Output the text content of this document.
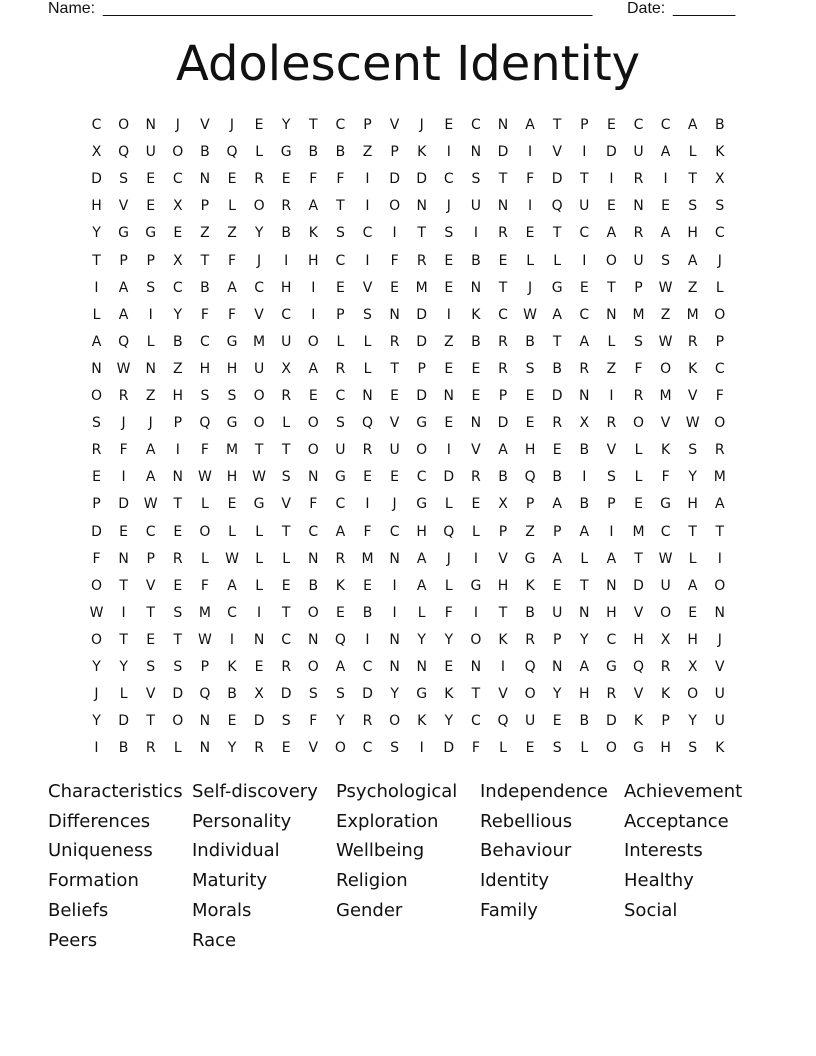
Name: _______________________________________________________ Date: _______
Adolescent Identity
C	O	N	J	V	J	E	Y	T	C	P	V	J	E	C	N	A	T	P	E	C	C	A	B
X	Q	U	O	B	Q	L	G	B	B	Z	P	K	I	N	D	I	V	I	D	U	A	L	K
D	S	E	C	N	E	R	E	F	F	I	D	D	C	S	T	F	D	T	I	R	I	T	X
H	V	E	X	P	L	O	R	A	T	I	O	N	J	U	N	I	Q	U	E	N	E	S	S
Y	G	G	E	Z	Z	Y	B	K	S	C	I	T	S	I	R	E	T	C	A	R	A	H	C
T	P	P	X	T	F	J	I	H	C	I	F	R	E	B	E	L	L	I	O	U	S	A	J
I	A	S	C	B	A	C	H	I	E	V	E	M	E	N	T	J	G	E	T	P	W	Z	L
L	A	I	Y	F	F	V	C	I	P	S	N	D	I	K	C	W	A	C	N	M	Z	M	O
A	Q	L	B	C	G	M	U	O	L	L	R	D	Z	B	R	B	T	A	L	S	W	R	P
N	W	N	Z	H	H	U	X	A	R	L	T	P	E	E	R	S	B	R	Z	F	O	K	C
O	R	Z	H	S	S	O	R	E	C	N	E	D	N	E	P	E	D	N	I	R	M	V	F
S	J	J	P	Q	G	O	L	O	S	Q	V	G	E	N	D	E	R	X	R	O	V	W	O
R	F	A	I	F	M	T	T	O	U	R	U	O	I	V	A	H	E	B	V	L	K	S	R
E	I	A	N	W	H	W	S	N	G	E	E	C	D	R	B	Q	B	I	S	L	F	Y	M
P	D	W	T	L	E	G	V	F	C	I	J	G	L	E	X	P	A	B	P	E	G	H	A
D	E	C	E	O	L	L	T	C	A	F	C	H	Q	L	P	Z	P	A	I	M	C	T	T
F	N	P	R	L	W	L	L	N	R	M	N	A	J	I	V	G	A	L	A	T	W	L	I
O	T	V	E	F	A	L	E	B	K	E	I	A	L	G	H	K	E	T	N	D	U	A	O
W	I	T	S	M	C	I	T	O	E	B	I	L	F	I	T	B	U	N	H	V	O	E	N
O	T	E	T	W	I	N	C	N	Q	I	N	Y	Y	O	K	R	P	Y	C	H	X	H	J
Y	Y	S	S	P	K	E	R	O	A	C	N	N	E	N	I	Q	N	A	G	Q	R	X	V
J	L	V	D	Q	B	X	D	S	S	D	Y	G	K	T	V	O	Y	H	R	V	K	O	U
Y	D	T	O	N	E	D	S	F	Y	R	O	K	Y	C	Q	U	E	B	D	K	P	Y	U
I	B	R	L	N	Y	R	E	V	O	C	S	I	D	F	L	E	S	L	O	G	H	S	K
Characteristics
Differences
Uniqueness
Formation
Beliefs
Peers
Self-discovery
Personality
Individual
Maturity
Morals
Race
Psychological
Exploration
Wellbeing
Religion
Gender
Independence
Rebellious
Behaviour
Identity
Family
Achievement
Acceptance
Interests
Healthy
Social
